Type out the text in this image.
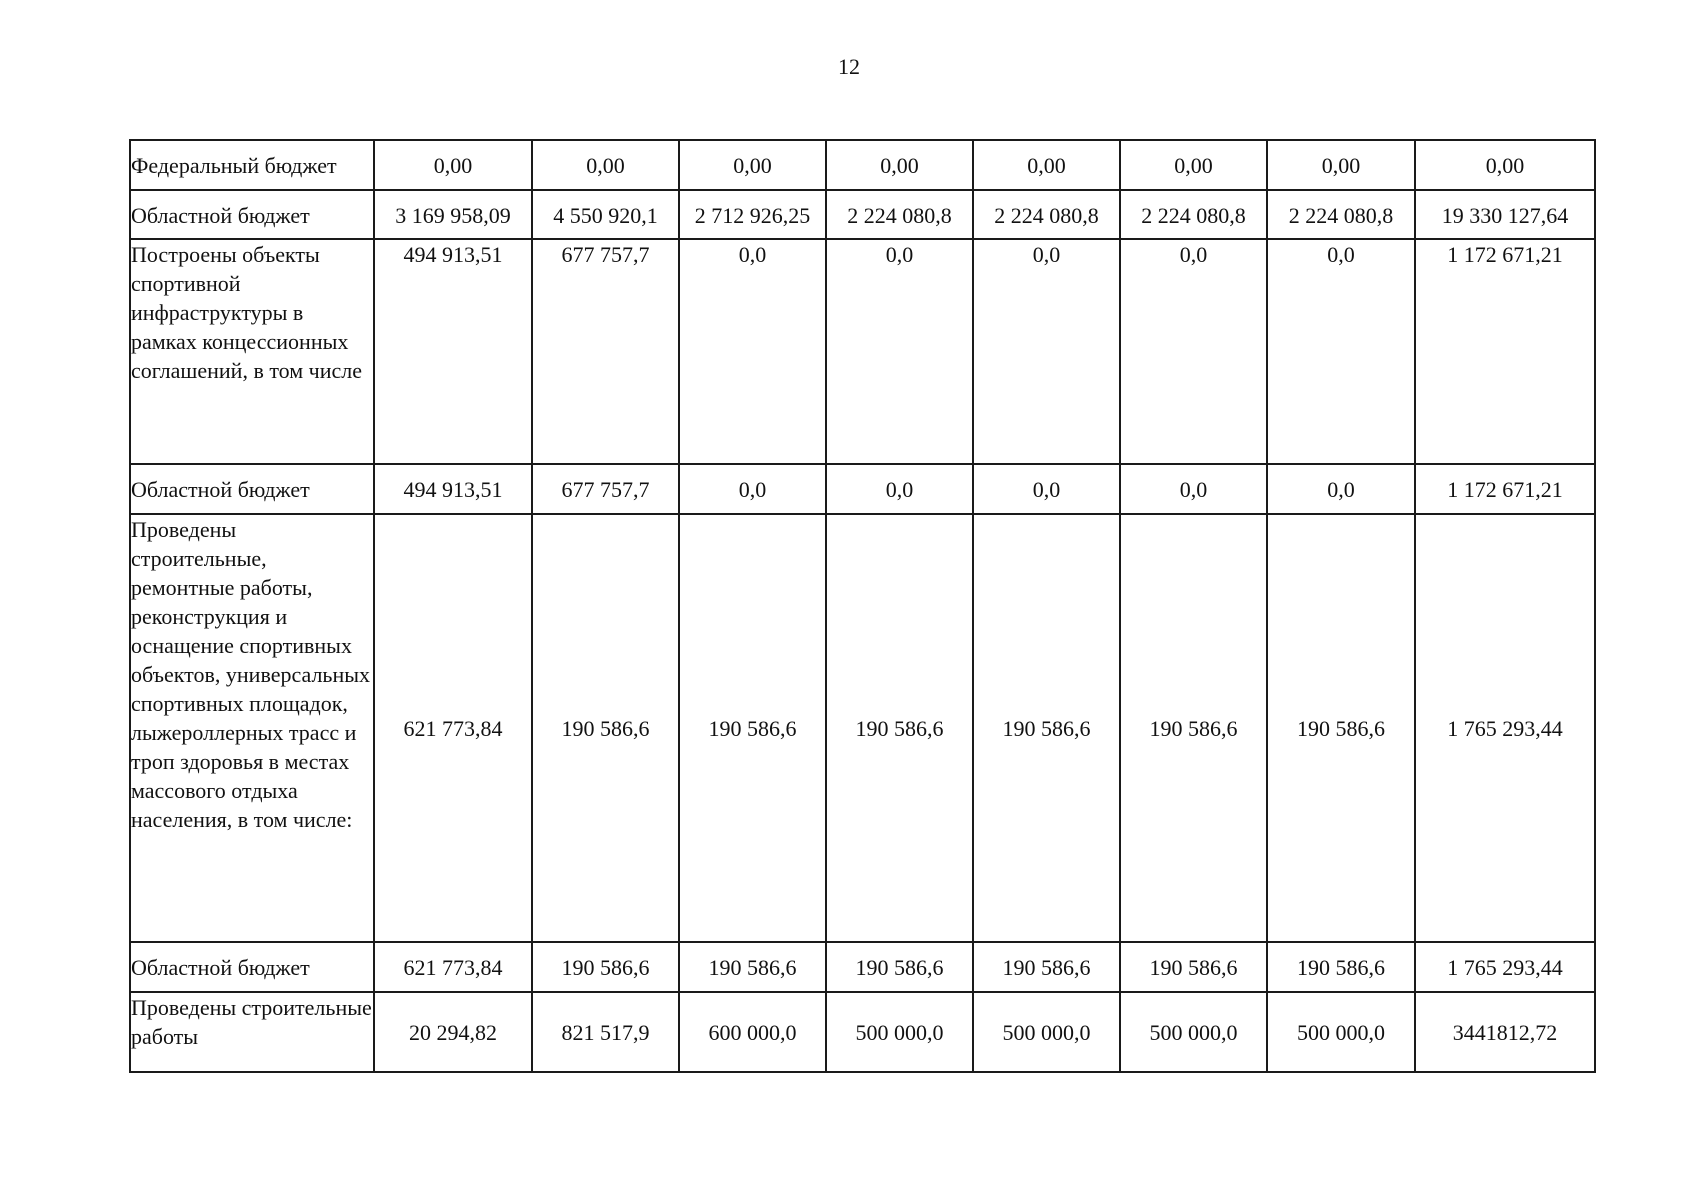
12
Федеральный бюджет	0,00	0,00	0,00	0,00	0,00	0,00	0,00	0,00
Областной бюджет	3 169 958,09	4 550 920,1	2 712 926,25	2 224 080,8	2 224 080,8	2 224 080,8	2 224 080,8	19 330 127,64
Построены объекты спортивной инфраструктуры в рамках концессионных соглашений, в том числе	494 913,51	677 757,7	0,0	0,0	0,0	0,0	0,0	1 172 671,21
Областной бюджет	494 913,51	677 757,7	0,0	0,0	0,0	0,0	0,0	1 172 671,21
Проведены строительные, ремонтные работы, реконструкция и оснащение спортивных объектов, универсальных спортивных площадок, лыжероллерных трасс и троп здоровья в местах массового отдыха населения, в том числе:	621 773,84	190 586,6	190 586,6	190 586,6	190 586,6	190 586,6	190 586,6	1 765 293,44
Областной бюджет	621 773,84	190 586,6	190 586,6	190 586,6	190 586,6	190 586,6	190 586,6	1 765 293,44
Проведены строительные работы	20 294,82	821 517,9	600 000,0	500 000,0	500 000,0	500 000,0	500 000,0	3441812,72
